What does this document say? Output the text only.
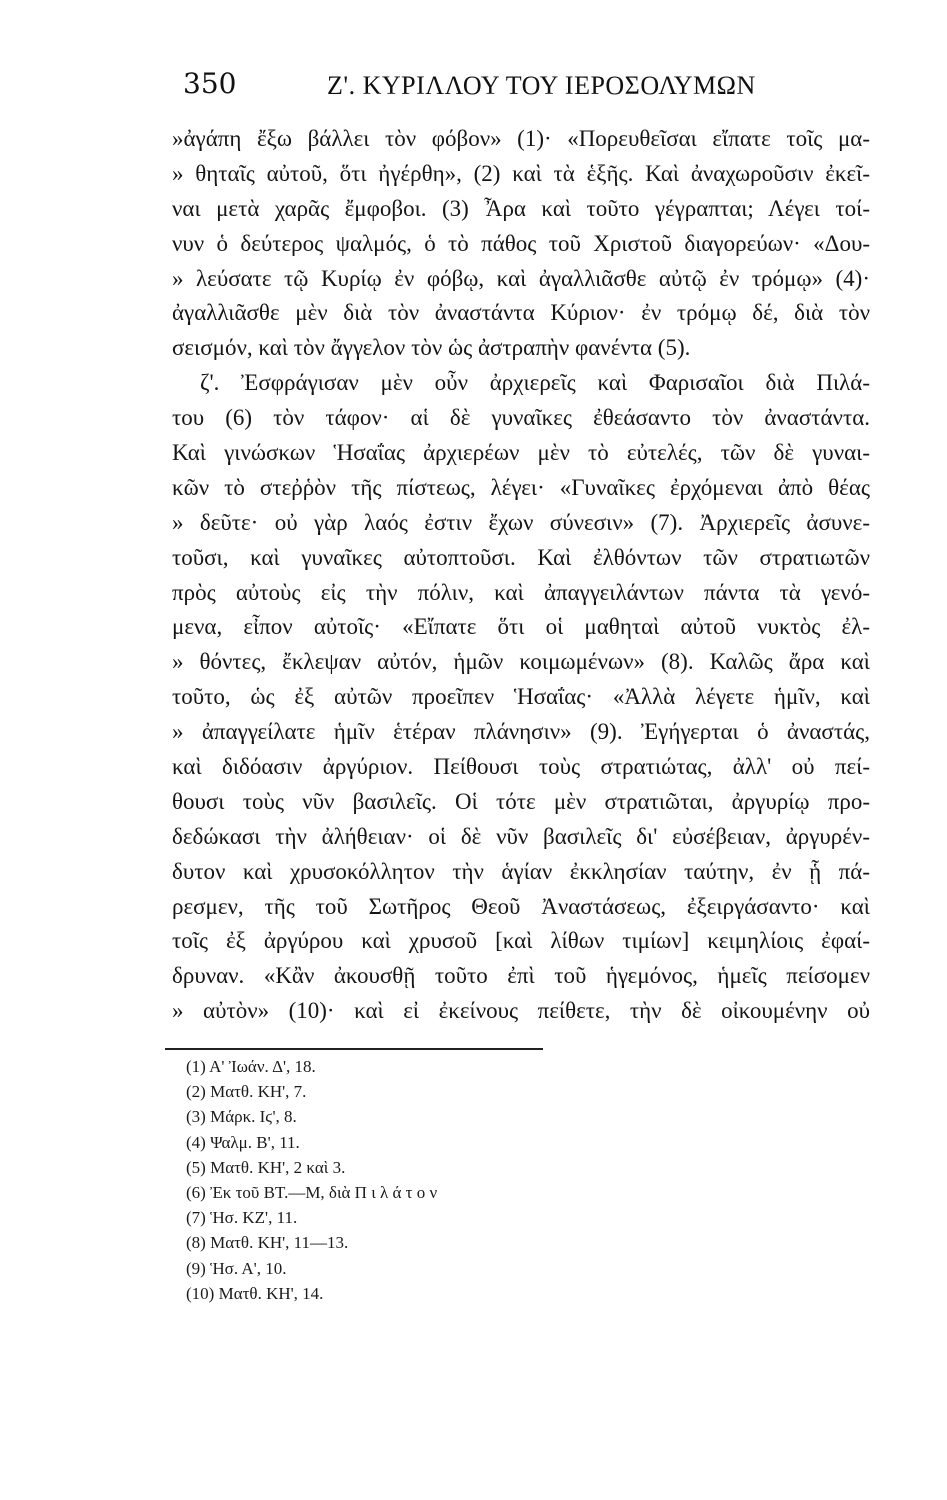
350	Ζ'. ΚΥΡΙΛΛΟΥ ΤΟΥ ΙΕΡΟΣΟΛΥΜΩΝ
»ἀγάπη ἔξω βάλλει τὸν φόβον» (1)· «Πορευθεῖσαι εἴπατε τοῖς μα-
» θηταῖς αὐτοῦ, ὅτι ἠγέρθη», (2) καὶ τὰ ἑξῆς. Καὶ ἀναχωροῦσιν ἐκεῖ-
ναι μετὰ χαρᾶς ἔμφοβοι. (3) Ἆρα καὶ τοῦτο γέγραπται; Λέγει τοί-
νυν ὁ δεύτερος ψαλμός, ὁ τὸ πάθος τοῦ Χριστοῦ διαγορεύων· «Δου-
» λεύσατε τῷ Κυρίῳ ἐν φόβῳ, καὶ ἀγαλλιᾶσθε αὐτῷ ἐν τρόμῳ» (4)·
ἀγαλλιᾶσθε μὲν διὰ τὸν ἀναστάντα Κύριον· ἐν τρόμῳ δέ, διὰ τὸν
σεισμόν, καὶ τὸν ἄγγελον τὸν ὡς ἀστραπὴν φανέντα (5).
ζ'. Ἐσφράγισαν μὲν οὖν ἀρχιερεῖς καὶ Φαρισαῖοι διὰ Πιλά-
του (6) τὸν τάφον· αἱ δὲ γυναῖκες ἐθεάσαντο τὸν ἀναστάντα.
Καὶ γινώσκων Ἡσαΐας ἀρχιερέων μὲν τὸ εὐτελές, τῶν δὲ γυναι-
κῶν τὸ στεῤῥὸν τῆς πίστεως, λέγει· «Γυναῖκες ἐρχόμεναι ἀπὸ θέας
» δεῦτε· οὐ γὰρ λαός ἐστιν ἔχων σύνεσιν» (7). Ἀρχιερεῖς ἀσυνε-
τοῦσι, καὶ γυναῖκες αὐτοπτοῦσι. Καὶ ἐλθόντων τῶν στρατιωτῶν
πρὸς αὐτοὺς εἰς τὴν πόλιν, καὶ ἀπαγγειλάντων πάντα τὰ γενό-
μενα, εἶπον αὐτοῖς· «Εἴπατε ὅτι οἱ μαθηταὶ αὐτοῦ νυκτὸς ἐλ-
» θόντες, ἔκλεψαν αὐτόν, ἡμῶν κοιμωμένων» (8). Καλῶς ἄρα καὶ
τοῦτο, ὡς ἐξ αὐτῶν προεῖπεν Ἡσαΐας· «Ἀλλὰ λέγετε ἡμῖν, καὶ
» ἀπαγγείλατε ἡμῖν ἑτέραν πλάνησιν» (9). Ἐγήγερται ὁ ἀναστάς,
καὶ διδόασιν ἀργύριον. Πείθουσι τοὺς στρατιώτας, ἀλλ' οὐ πεί-
θουσι τοὺς νῦν βασιλεῖς. Οἱ τότε μὲν στρατιῶται, ἀργυρίῳ προ-
δεδώκασι τὴν ἀλήθειαν· οἱ δὲ νῦν βασιλεῖς δι' εὐσέβειαν, ἀργυρέν-
δυτον καὶ χρυσοκόλλητον τὴν ἁγίαν ἐκκλησίαν ταύτην, ἐν ᾗ πά-
ρεσμεν, τῆς τοῦ Σωτῆρος Θεοῦ Ἀναστάσεως, ἐξειργάσαντο· καὶ
τοῖς ἐξ ἀργύρου καὶ χρυσοῦ [καὶ λίθων τιμίων] κειμηλίοις ἐφαί-
δρυναν. «Κἂν ἀκουσθῇ τοῦτο ἐπὶ τοῦ ἡγεμόνος, ἡμεῖς πείσομεν
» αὐτὸν» (10)· καὶ εἰ ἐκείνους πείθετε, τὴν δὲ οἰκουμένην οὐ
(1) Α' Ἰωάν. Δ', 18.
(2) Ματθ. ΚΗ', 7.
(3) Μάρκ. Ιϛ', 8.
(4) Ψαλμ. Β', 11.
(5) Ματθ. ΚΗ', 2 καὶ 3.
(6) Ἐκ τοῦ ΒΤ.—Μ, διὰ Π ι λ ά τ ο ν
(7) Ἡσ. ΚΖ', 11.
(8) Ματθ. ΚΗ', 11—13.
(9) Ἡσ. Α', 10.
(10) Ματθ. ΚΗ', 14.
